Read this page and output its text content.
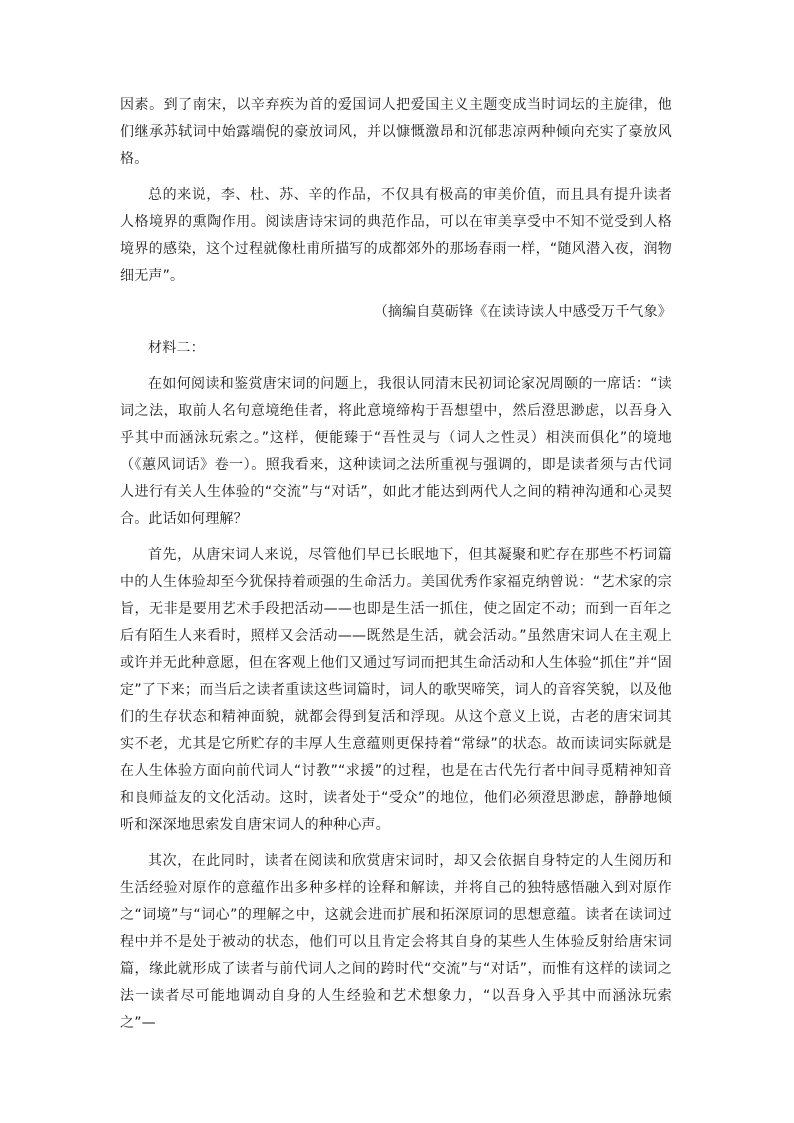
因素。到了南宋，以辛弃疾为首的爱国词人把爱国主义主题变成当时词坛的主旋律，他们继承苏轼词中始露端倪的豪放词风，并以慷慨激昂和沉郁悲凉两种倾向充实了豪放风格。

总的来说，李、杜、苏、辛的作品，不仅具有极高的审美价值，而且具有提升读者人格境界的熏陶作用。阅读唐诗宋词的典范作品，可以在审美享受中不知不觉受到人格境界的感染，这个过程就像杜甫所描写的成都郊外的那场春雨一样，“随风潜入夜，润物细无声”。

（摘编自莫砺锋《在读诗读人中感受万千气象》

材料二：

在如何阅读和鉴赏唐宋词的问题上，我很认同清末民初词论家况周颐的一席话：“读词之法，取前人名句意境绝佳者，将此意境缔构于吾想望中，然后澄思渺虑，以吾身入乎其中而涵泳玩索之。”这样，便能臻于“吾性灵与（词人之性灵）相浃而俱化”的境地（《蕙风词话》卷一）。照我看来，这种读词之法所重视与强调的，即是读者须与古代词人进行有关人生体验的“交流”与“对话”，如此才能达到两代人之间的精神沟通和心灵契合。此话如何理解？

首先，从唐宋词人来说，尽管他们早已长眠地下，但其凝聚和贮存在那些不朽词篇中的人生体验却至今犹保持着顽强的生命活力。美国优秀作家福克纳曾说：“艺术家的宗旨，无非是要用艺术手段把活动——也即是生活一抓住，使之固定不动；而到一百年之后有陌生人来看时，照样又会活动——既然是生活，就会活动。”虽然唐宋词人在主观上或许并无此种意愿，但在客观上他们又通过写词而把其生命活动和人生体验“抓住”并“固定”了下来；而当后之读者重读这些词篇时，词人的歌哭啼笑，词人的音容笑貌，以及他们的生存状态和精神面貌，就都会得到复活和浮现。从这个意义上说，古老的唐宋词其实不老，尤其是它所贮存的丰厚人生意蕴则更保持着“常绿”的状态。故而读词实际就是在人生体验方面向前代词人“讨教”“求援”的过程，也是在古代先行者中间寻觅精神知音和良师益友的文化活动。这时，读者处于“受众”的地位，他们必须澄思渺虑，静静地倾听和深深地思索发自唐宋词人的种种心声。

其次，在此同时，读者在阅读和欣赏唐宋词时，却又会依据自身特定的人生阅历和生活经验对原作的意蕴作出多种多样的诠释和解读，并将自己的独特感悟融入到对原作之“词境”与“词心”的理解之中，这就会进而扩展和拓深原词的思想意蕴。读者在读词过程中并不是处于被动的状态，他们可以且肯定会将其自身的某些人生体验反射给唐宋词篇，缘此就形成了读者与前代词人之间的跨时代“交流”与“对话”，而惟有这样的读词之法一读者尽可能地调动自身的人生经验和艺术想象力，“以吾身入乎其中而涵泳玩索之”—
